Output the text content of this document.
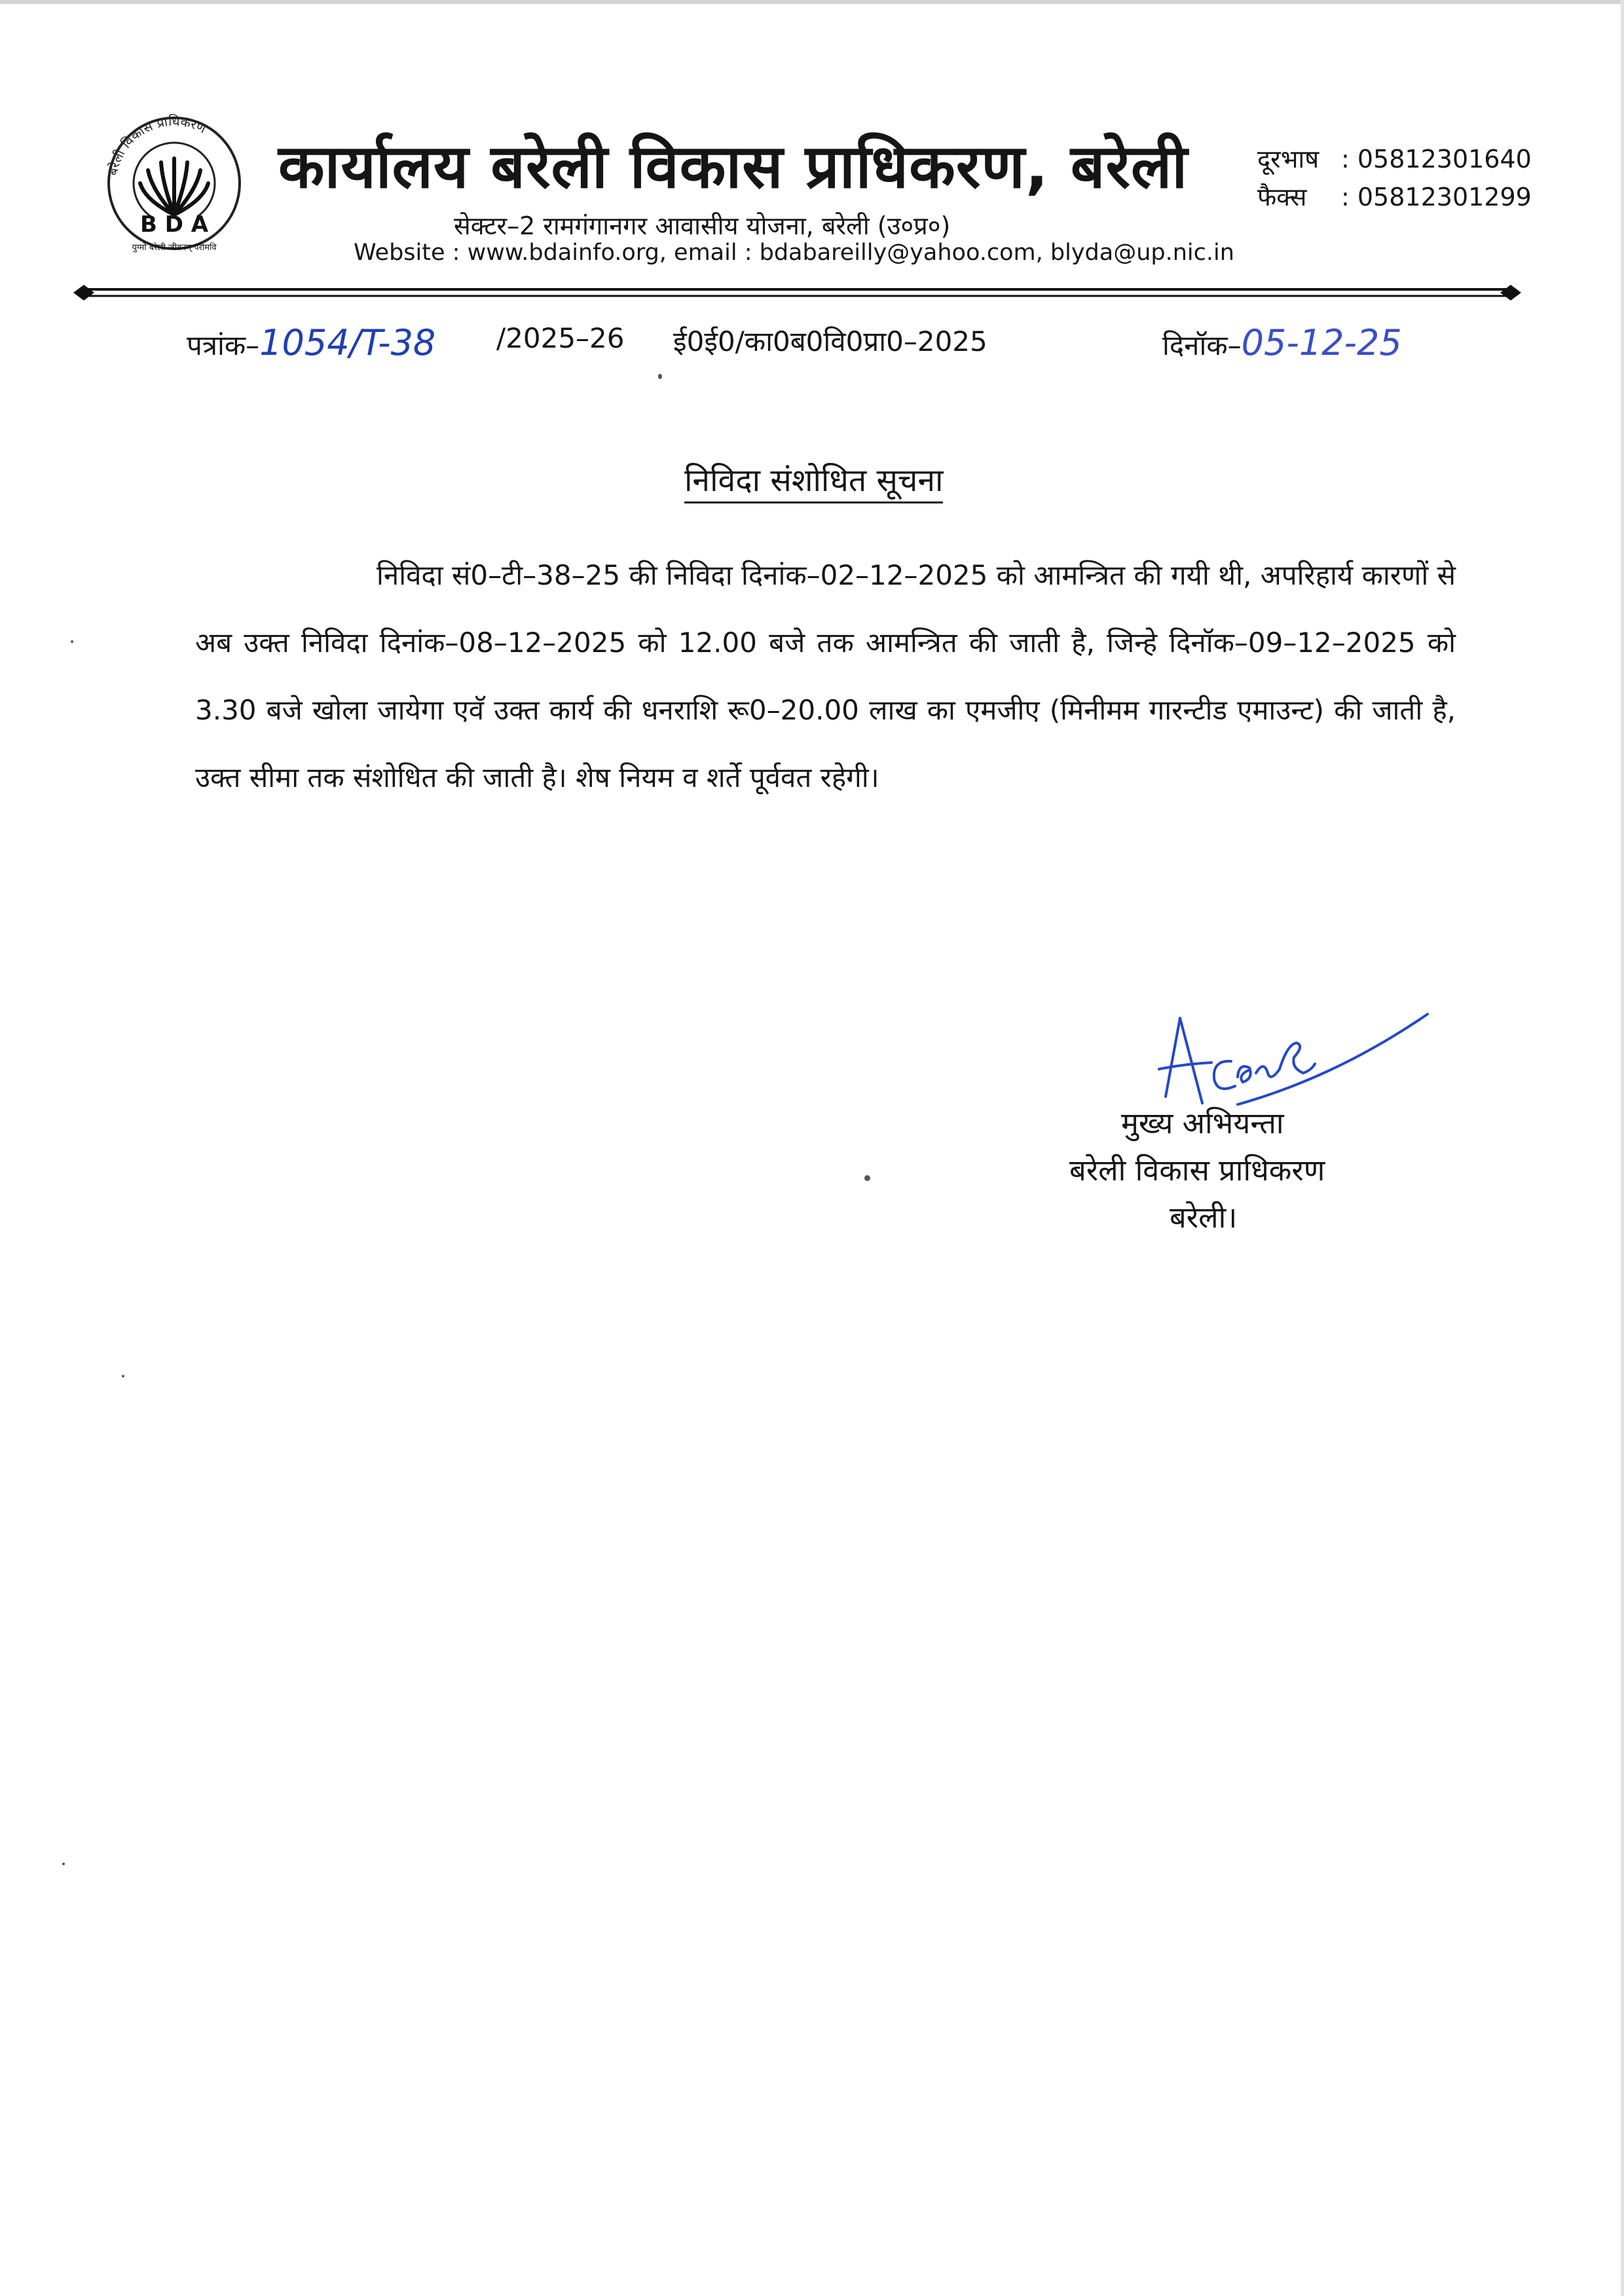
बरेली विकास प्राधिकरण
B D A
युग्मो बरेली जीवनम् परोमवि
कार्यालय बरेली विकास प्राधिकरण, बरेली
सेक्टर–2 रामगंगानगर आवासीय योजना, बरेली (उ०प्र०)
Website : www.bdainfo.org, email : bdabareilly@yahoo.com, blyda@up.nic.in
दूरभाष : 05812301640
फैक्स : 05812301299
पत्रांक–1054/T-38 /2025–26 ई0ई0/का0ब0वि0प्रा0–2025	दिनॉक–05-12-25
निविदा संशोधित सूचना
निविदा सं0–टी–38–25 की निविदा दिनांक–02–12–2025 को आमन्त्रित की गयी थी, अपरिहार्य कारणों से अब उक्त निविदा दिनांक–08–12–2025 को 12.00 बजे तक आमन्त्रित की जाती है, जिन्हे दिनॉक–09–12–2025 को 3.30 बजे खोला जायेगा एवॅ उक्त कार्य की धनराशि रू0–20.00 लाख का एमजीए (मिनीमम गारन्टीड एमाउन्ट) की जाती है, उक्त सीमा तक संशोधित की जाती है। शेष नियम व शर्ते पूर्ववत रहेगी।
मुख्य अभियन्ता
बरेली विकास प्राधिकरण
बरेली।
